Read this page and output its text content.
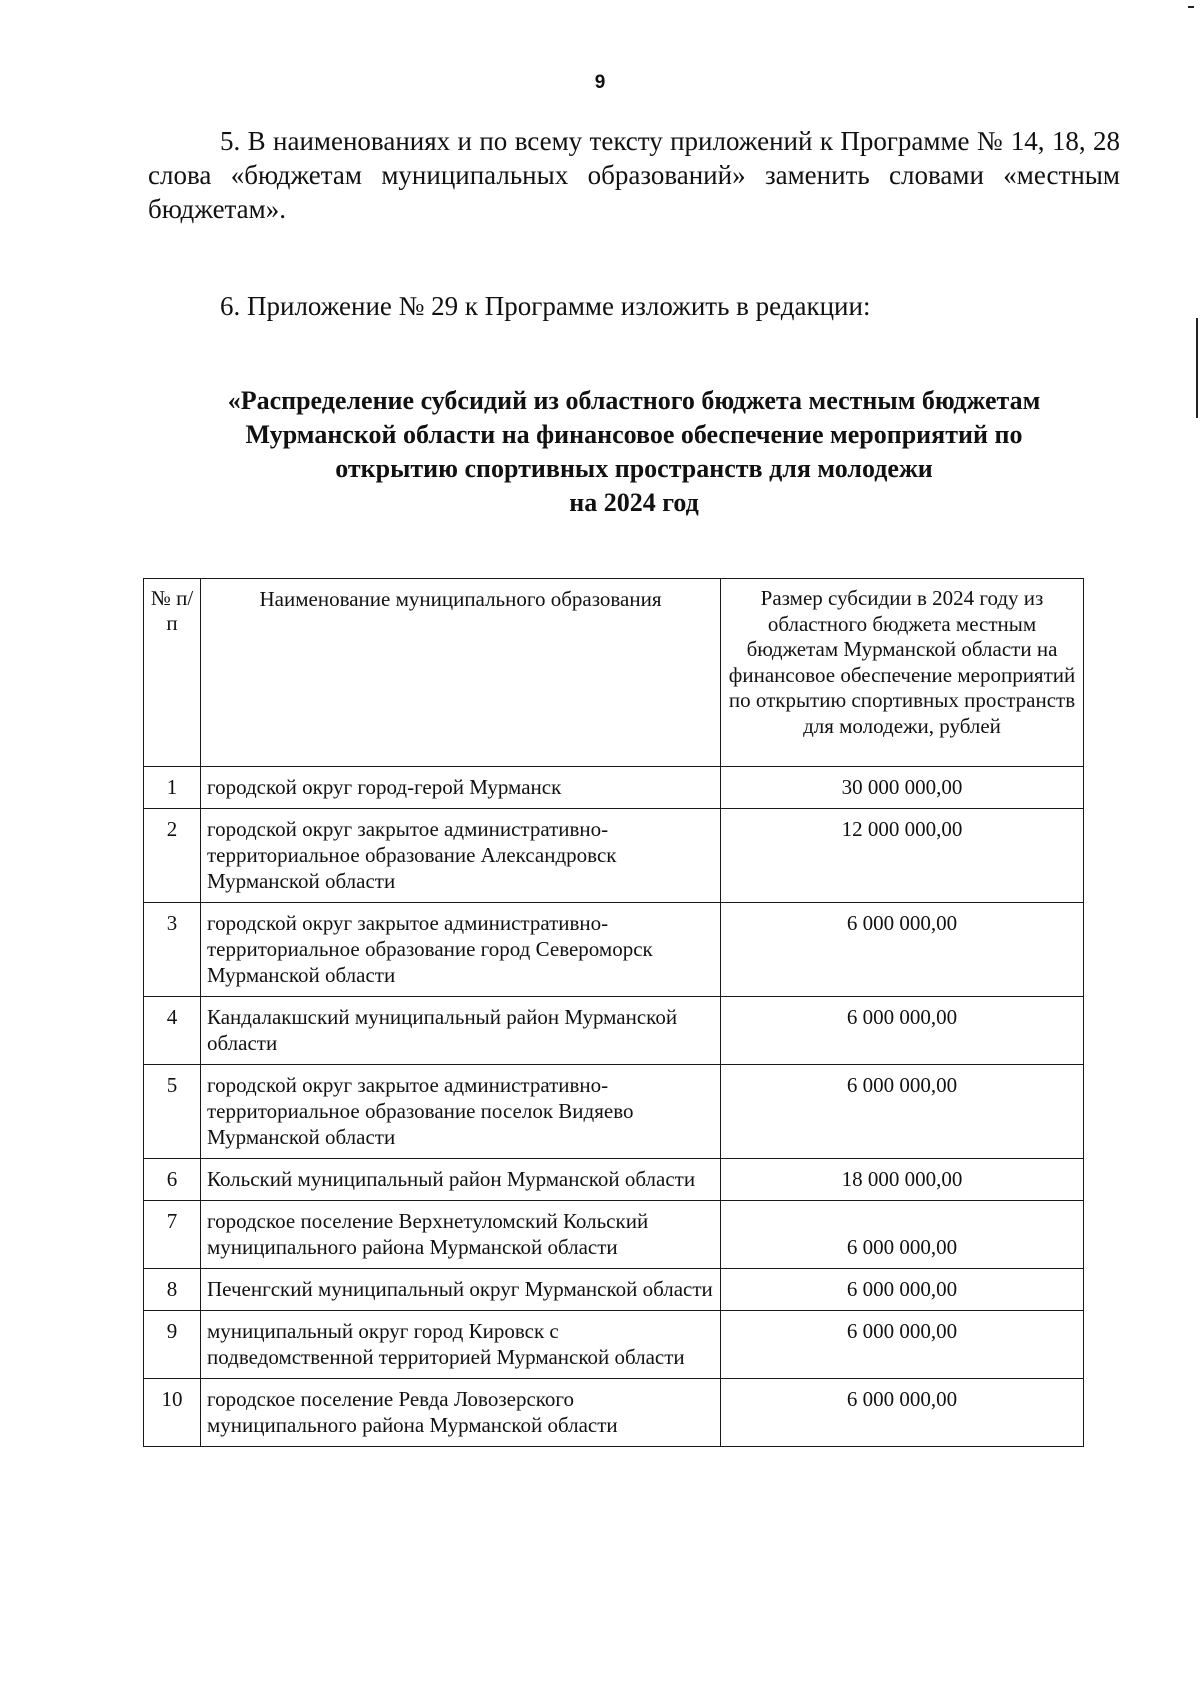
9
5. В наименованиях и по всему тексту приложений к Программе № 14, 18, 28 слова «бюджетам муниципальных образований» заменить словами «местным бюджетам».
6. Приложение № 29 к Программе изложить в редакции:
«Распределение субсидий из областного бюджета местным бюджетам
Мурманской области на финансовое обеспечение мероприятий по
открытию спортивных пространств для молодежи
на 2024 год
№ п/п	Наименование муниципального образования	Размер субсидии в 2024 году из областного бюджета местным бюджетам Мурманской области на финансовое обеспечение мероприятий по открытию спортивных пространств для молодежи, рублей
1	городской округ город-герой Мурманск	30 000 000,00
2	городской округ закрытое административно-территориальное образование Александровск Мурманской области	12 000 000,00
3	городской округ закрытое административно-территориальное образование город Североморск Мурманской области	6 000 000,00
4	Кандалакшский муниципальный район Мурманской области	6 000 000,00
5	городской округ закрытое административно-территориальное образование поселок Видяево Мурманской области	6 000 000,00
6	Кольский муниципальный район Мурманской области	18 000 000,00
7	городское поселение Верхнетуломский Кольский муниципального района Мурманской области	6 000 000,00
8	Печенгский муниципальный округ Мурманской области	6 000 000,00
9	муниципальный округ город Кировск с подведомственной территорией Мурманской области	6 000 000,00
10	городское поселение Ревда Ловозерского муниципального района Мурманской области	6 000 000,00
